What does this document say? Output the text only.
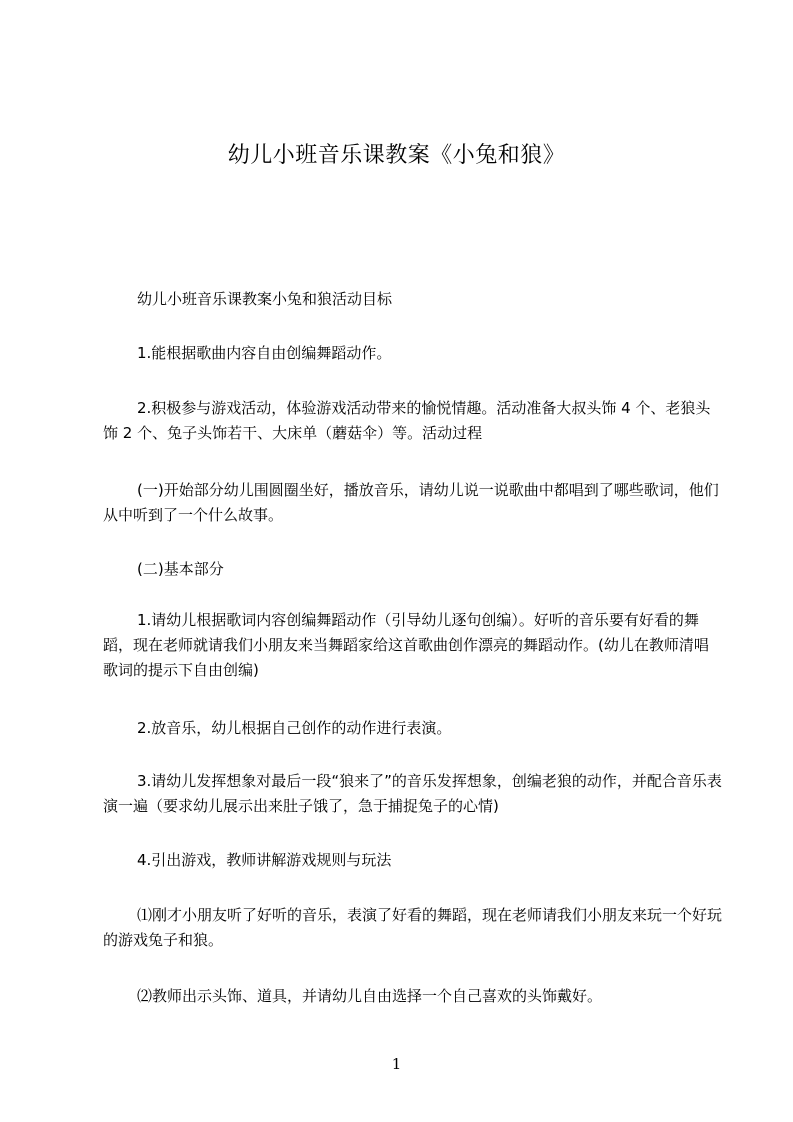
幼儿小班音乐课教案《小兔和狼》

幼儿小班音乐课教案小兔和狼活动目标

1.能根据歌曲内容自由创编舞蹈动作。

2.积极参与游戏活动，体验游戏活动带来的愉悦情趣。活动准备大叔头饰 4 个、老狼头饰 2 个、兔子头饰若干、大床单（蘑菇伞）等。活动过程

(一)开始部分幼儿围圆圈坐好，播放音乐，请幼儿说一说歌曲中都唱到了哪些歌词，他们从中听到了一个什么故事。

(二)基本部分

1.请幼儿根据歌词内容创编舞蹈动作（引导幼儿逐句创编）。好听的音乐要有好看的舞蹈，现在老师就请我们小朋友来当舞蹈家给这首歌曲创作漂亮的舞蹈动作。(幼儿在教师清唱歌词的提示下自由创编)

2.放音乐，幼儿根据自己创作的动作进行表演。

3.请幼儿发挥想象对最后一段“狼来了”的音乐发挥想象，创编老狼的动作，并配合音乐表演一遍（要求幼儿展示出来肚子饿了，急于捕捉兔子的心情)

4.引出游戏，教师讲解游戏规则与玩法

⑴刚才小朋友听了好听的音乐，表演了好看的舞蹈，现在老师请我们小朋友来玩一个好玩的游戏兔子和狼。

⑵教师出示头饰、道具，并请幼儿自由选择一个自己喜欢的头饰戴好。

1
